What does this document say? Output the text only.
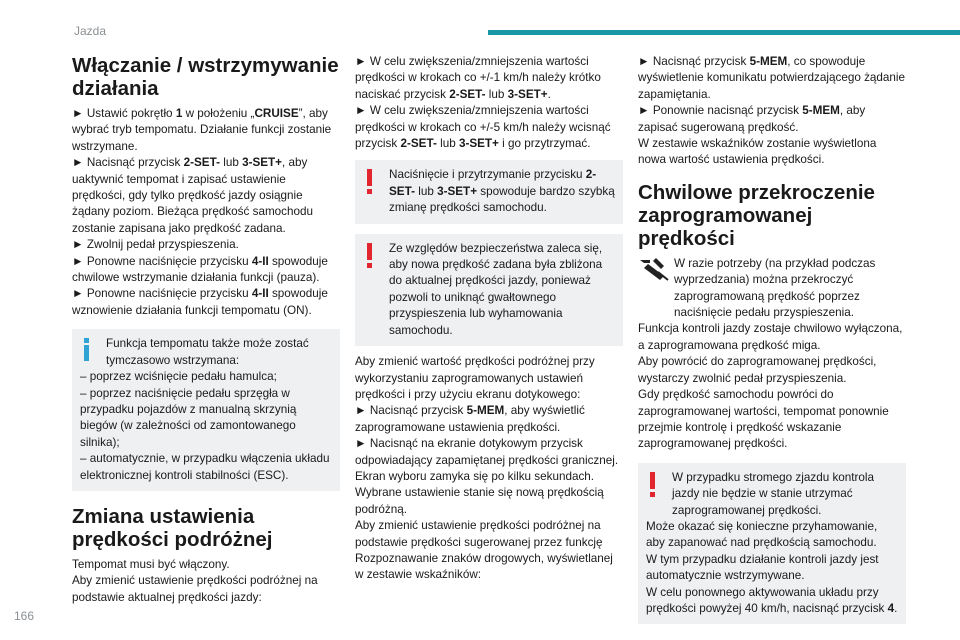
Jazda
Włączanie / wstrzymywanie działania
► Ustawić pokrętło 1 w położeniu „CRUISE”, aby wybrać tryb tempomatu. Działanie funkcji zostanie wstrzymane.
► Nacisnąć przycisk 2-SET- lub 3-SET+, aby uaktywnić tempomat i zapisać ustawienie prędkości, gdy tylko prędkość jazdy osiągnie żądany poziom. Bieżąca prędkość samochodu zostanie zapisana jako prędkość zadana.
► Zwolnij pedał przyspieszenia.
► Ponowne naciśnięcie przycisku 4-II spowoduje chwilowe wstrzymanie działania funkcji (pauza).
► Ponowne naciśnięcie przycisku 4-II spowoduje wznowienie działania funkcji tempomatu (ON).
Funkcja tempomatu także może zostać tymczasowo wstrzymana:
– poprzez wciśnięcie pedału hamulca;
– poprzez naciśnięcie pedału sprzęgła w przypadku pojazdów z manualną skrzynią biegów (w zależności od zamontowanego silnika);
– automatycznie, w przypadku włączenia układu elektronicznej kontroli stabilności (ESC).
Zmiana ustawienia prędkości podróżnej
Tempomat musi być włączony.
Aby zmienić ustawienie prędkości podróżnej na podstawie aktualnej prędkości jazdy:
► W celu zwiększenia/zmniejszenia wartości prędkości w krokach co +/-1 km/h należy krótko naciskać przycisk 2-SET- lub 3-SET+.
► W celu zwiększenia/zmniejszenia wartości prędkości w krokach co +/-5 km/h należy wcisnąć przycisk 2-SET- lub 3-SET+ i go przytrzymać.
Naciśnięcie i przytrzymanie przycisku 2-SET- lub 3-SET+ spowoduje bardzo szybką zmianę prędkości samochodu.
Ze względów bezpieczeństwa zaleca się, aby nowa prędkość zadana była zbliżona do aktualnej prędkości jazdy, ponieważ pozwoli to uniknąć gwałtownego przyspieszenia lub wyhamowania samochodu.
Aby zmienić wartość prędkości podróżnej przy wykorzystaniu zaprogramowanych ustawień prędkości i przy użyciu ekranu dotykowego:
► Nacisnąć przycisk 5-MEM, aby wyświetlić zaprogramowane ustawienia prędkości.
► Nacisnąć na ekranie dotykowym przycisk odpowiadający zapamiętanej prędkości granicznej.
Ekran wyboru zamyka się po kilku sekundach. Wybrane ustawienie stanie się nową prędkością podróżną.
Aby zmienić ustawienie prędkości podróżnej na podstawie prędkości sugerowanej przez funkcję Rozpoznawanie znaków drogowych, wyświetlanej w zestawie wskaźników:
► Nacisnąć przycisk 5-MEM, co spowoduje wyświetlenie komunikatu potwierdzającego żądanie zapamiętania.
► Ponownie nacisnąć przycisk 5-MEM, aby zapisać sugerowaną prędkość.
W zestawie wskaźników zostanie wyświetlona nowa wartość ustawienia prędkości.
Chwilowe przekroczenie zaprogramowanej prędkości
W razie potrzeby (na przykład podczas wyprzedzania) można przekroczyć zaprogramowaną prędkość poprzez naciśnięcie pedału przyspieszenia.
Funkcja kontroli jazdy zostaje chwilowo wyłączona, a zaprogramowana prędkość miga.
Aby powrócić do zaprogramowanej prędkości, wystarczy zwolnić pedał przyspieszenia.
Gdy prędkość samochodu powróci do zaprogramowanej wartości, tempomat ponownie przejmie kontrolę i prędkość wskazanie zaprogramowanej prędkości.
W przypadku stromego zjazdu kontrola jazdy nie będzie w stanie utrzymać zaprogramowanej prędkości.
Może okazać się konieczne przyhamowanie, aby zapanować nad prędkością samochodu.
W tym przypadku działanie kontroli jazdy jest automatycznie wstrzymywane.
W celu ponownego aktywowania układu przy prędkości powyżej 40 km/h, nacisnąć przycisk 4.
166
